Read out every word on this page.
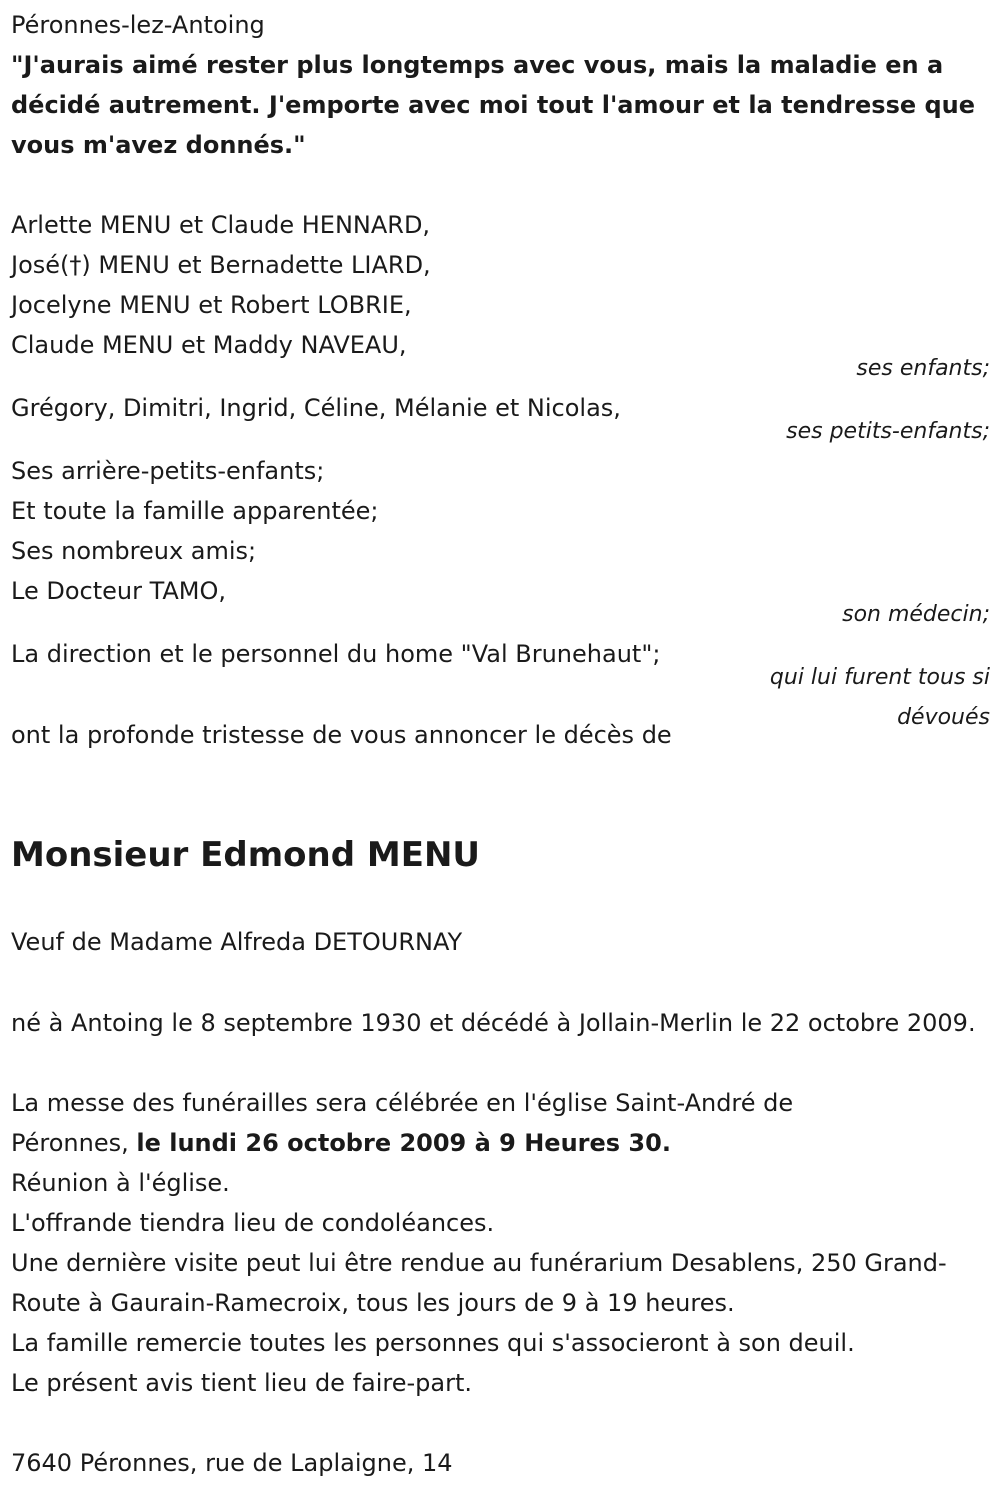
Péronnes-lez-Antoing
"J'aurais aimé rester plus longtemps avec vous, mais la maladie en a décidé autrement. J'emporte avec moi tout l'amour et la tendresse que vous m'avez donnés."
Arlette MENU et Claude HENNARD,
José(†) MENU et Bernadette LIARD,
Jocelyne MENU et Robert LOBRIE,
Claude MENU et Maddy NAVEAU,
ses enfants;
Grégory, Dimitri, Ingrid, Céline, Mélanie et Nicolas,
ses petits-enfants;
Ses arrière-petits-enfants;
Et toute la famille apparentée;
Ses nombreux amis;
Le Docteur TAMO,
son médecin;
La direction et le personnel du home "Val Brunehaut";
qui lui furent tous si dévoués
ont la profonde tristesse de vous annoncer le décès de
Monsieur Edmond MENU
Veuf de Madame Alfreda DETOURNAY
né à Antoing le 8 septembre 1930 et décédé à Jollain-Merlin le 22 octobre 2009.
La messe des funérailles sera célébrée en l'église Saint-André de Péronnes, le lundi 26 octobre 2009 à 9 Heures 30.
Réunion à l'église.
L'offrande tiendra lieu de condoléances.
Une dernière visite peut lui être rendue au funérarium Desablens, 250 Grand-Route à Gaurain-Ramecroix, tous les jours de 9 à 19 heures.
La famille remercie toutes les personnes qui s'associeront à son deuil.
Le présent avis tient lieu de faire-part.
7640 Péronnes, rue de Laplaigne, 14
